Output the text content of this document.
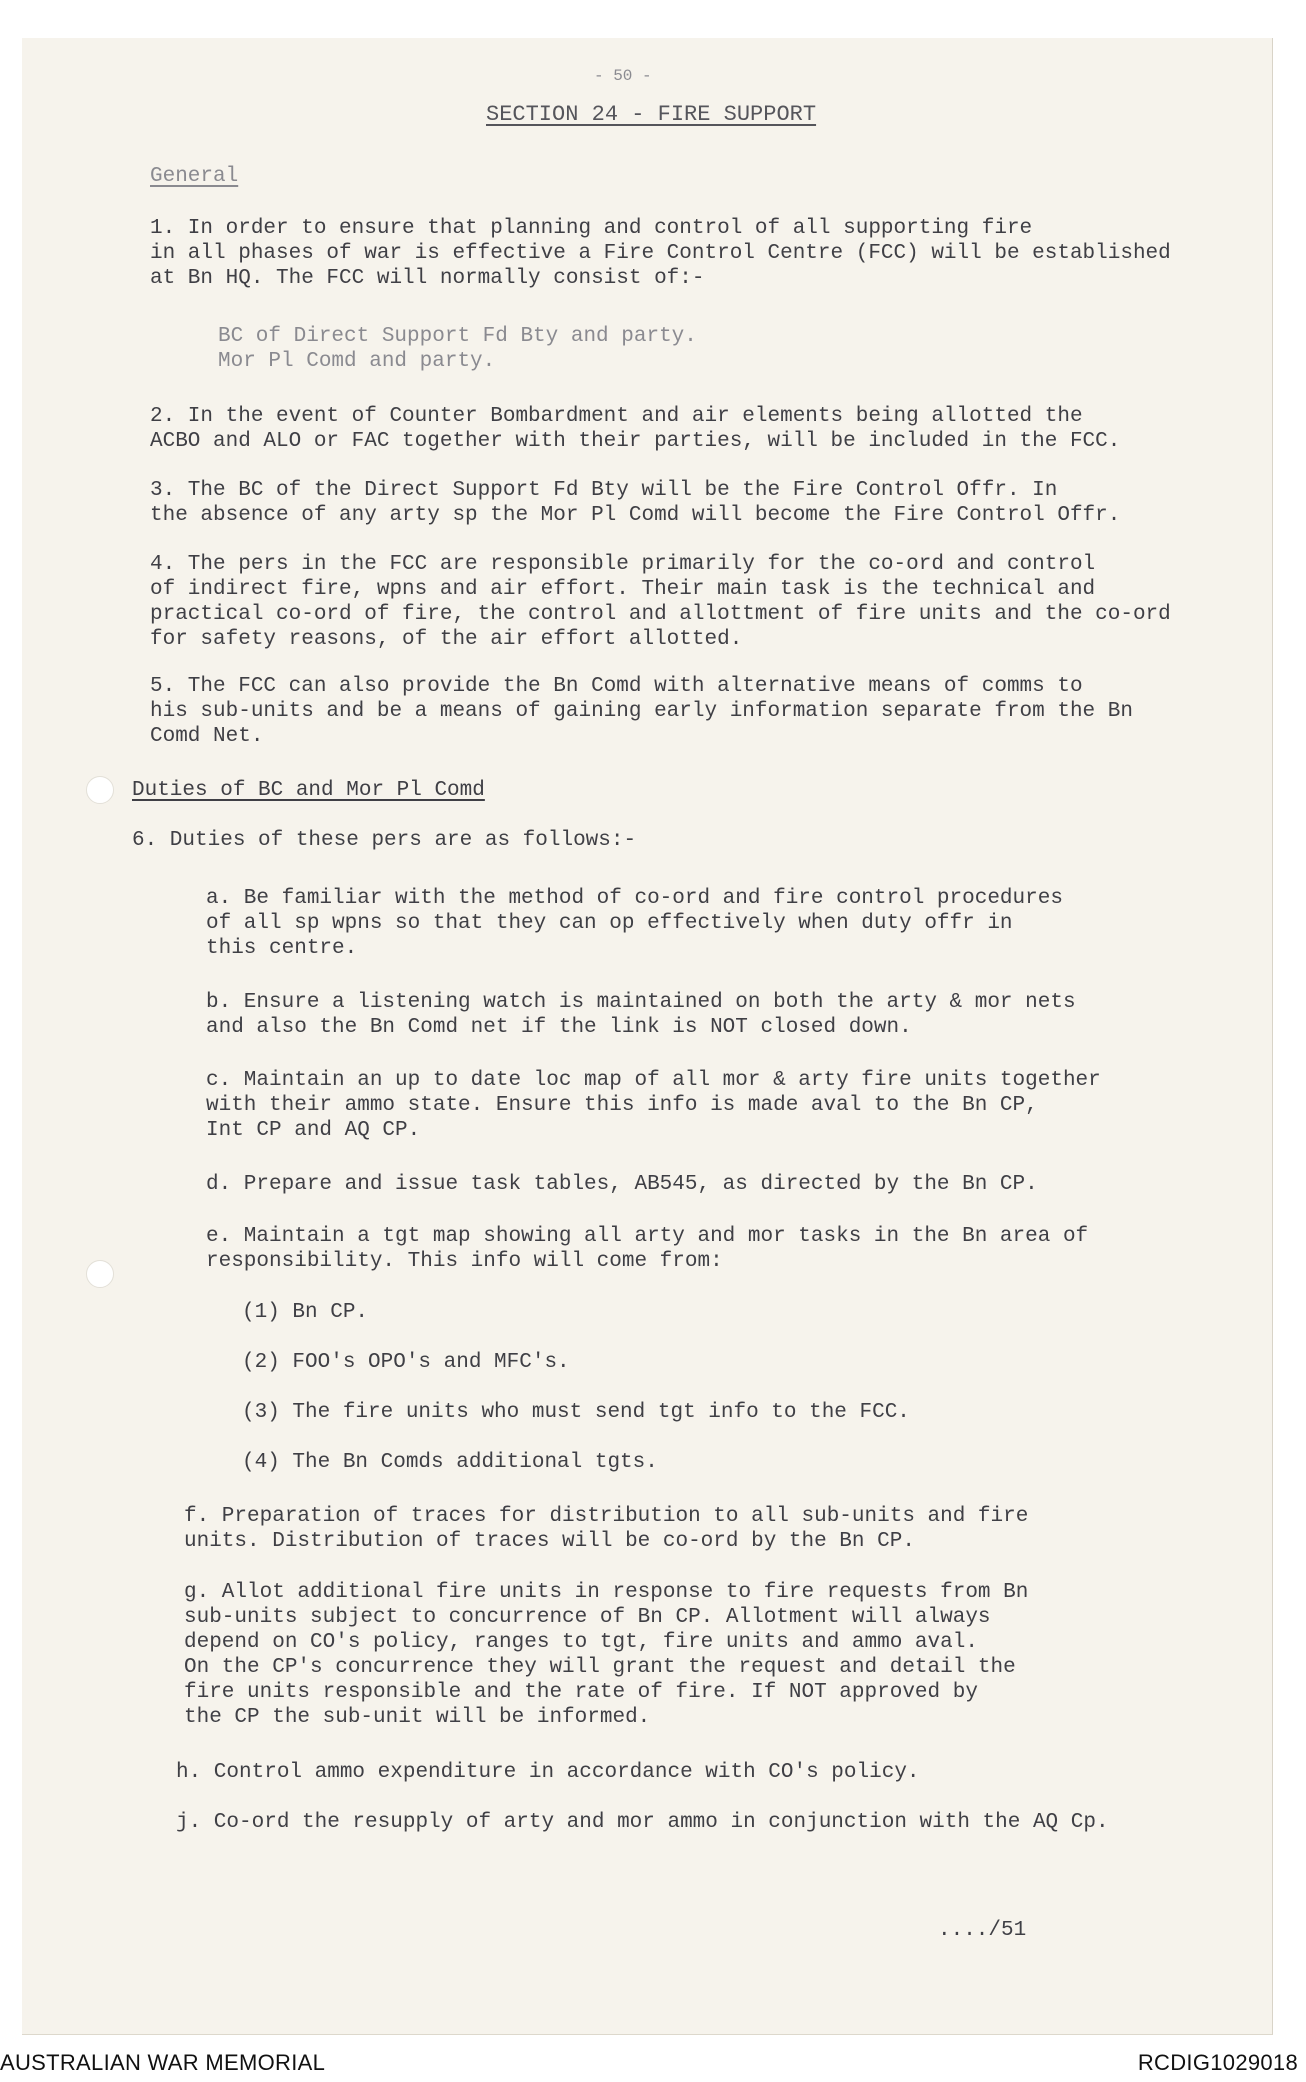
- 50 -
SECTION 24 - FIRE SUPPORT
General
1. In order to ensure that planning and control of all supporting fire
in all phases of war is effective a Fire Control Centre (FCC) will be established
at Bn HQ. The FCC will normally consist of:-
BC of Direct Support Fd Bty and party.
Mor Pl Comd and party.
2. In the event of Counter Bombardment and air elements being allotted the
ACBO and ALO or FAC together with their parties, will be included in the FCC.
3. The BC of the Direct Support Fd Bty will be the Fire Control Offr. In
the absence of any arty sp the Mor Pl Comd will become the Fire Control Offr.
4. The pers in the FCC are responsible primarily for the co-ord and control
of indirect fire, wpns and air effort. Their main task is the technical and
practical co-ord of fire, the control and allottment of fire units and the co-ord
for safety reasons, of the air effort allotted.
5. The FCC can also provide the Bn Comd with alternative means of comms to
his sub-units and be a means of gaining early information separate from the Bn
Comd Net.
Duties of BC and Mor Pl Comd
6. Duties of these pers are as follows:-
a. Be familiar with the method of co-ord and fire control procedures
of all sp wpns so that they can op effectively when duty offr in
this centre.
b. Ensure a listening watch is maintained on both the arty & mor nets
and also the Bn Comd net if the link is NOT closed down.
c. Maintain an up to date loc map of all mor & arty fire units together
with their ammo state. Ensure this info is made aval to the Bn CP,
Int CP and AQ CP.
d. Prepare and issue task tables, AB545, as directed by the Bn CP.
e. Maintain a tgt map showing all arty and mor tasks in the Bn area of
responsibility. This info will come from:
(1) Bn CP.
(2) FOO's OPO's and MFC's.
(3) The fire units who must send tgt info to the FCC.
(4) The Bn Comds additional tgts.
f. Preparation of traces for distribution to all sub-units and fire
units. Distribution of traces will be co-ord by the Bn CP.
g. Allot additional fire units in response to fire requests from Bn
sub-units subject to concurrence of Bn CP. Allotment will always
depend on CO's policy, ranges to tgt, fire units and ammo aval.
On the CP's concurrence they will grant the request and detail the
fire units responsible and the rate of fire. If NOT approved by
the CP the sub-unit will be informed.
h. Control ammo expenditure in accordance with CO's policy.
j. Co-ord the resupply of arty and mor ammo in conjunction with the AQ Cp.
..../51
AUSTRALIAN WAR MEMORIAL	RCDIG1029018
